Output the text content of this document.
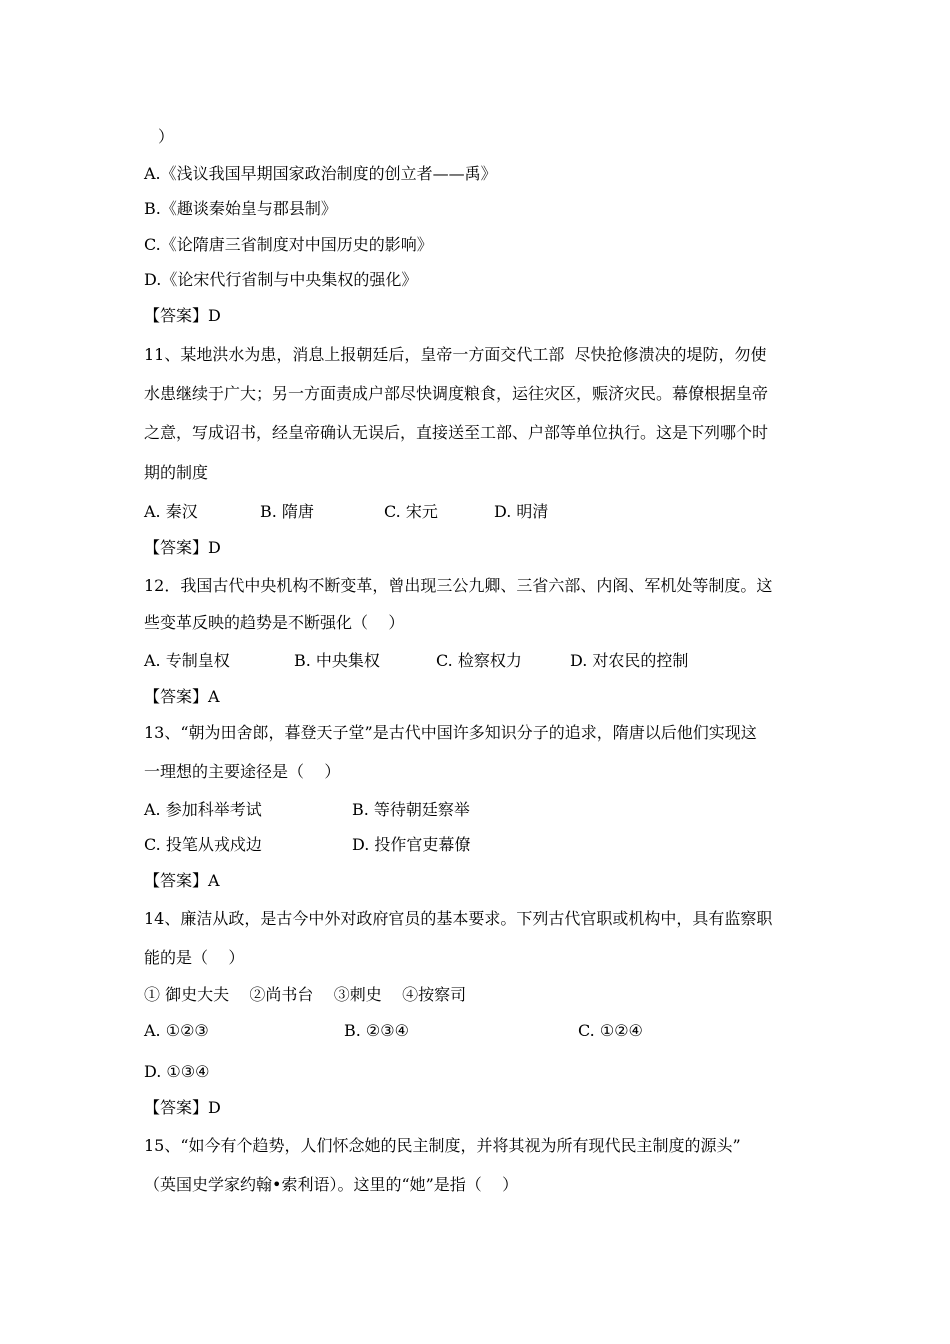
）
A.《浅议我国早期国家政治制度的创立者——禹》
B.《趣谈秦始皇与郡县制》
C.《论隋唐三省制度对中国历史的影响》
D.《论宋代行省制与中央集权的强化》
【答案】D
11、某地洪水为患，消息上报朝廷后，皇帝一方面交代工部  尽快抢修溃决的堤防，勿使
水患继续于广大；另一方面责成户部尽快调度粮食，运往灾区，赈济灾民。幕僚根据皇帝
之意，写成诏书，经皇帝确认无误后，直接送至工部、户部等单位执行。这是下列哪个时
期的制度
A. 秦汉	B. 隋唐	C. 宋元	D. 明清
【答案】D
12．我国古代中央机构不断变革，曾出现三公九卿、三省六部、内阁、军机处等制度。这
些变革反映的趋势是不断强化（    ）
A. 专制皇权	B. 中央集权	C. 检察权力	D. 对农民的控制
【答案】A
13、“朝为田舍郎，暮登天子堂”是古代中国许多知识分子的追求，隋唐以后他们实现这
一理想的主要途径是（    ）
A. 参加科举考试	B. 等待朝廷察举
C. 投笔从戎戍边	D. 投作官吏幕僚
【答案】A
14、廉洁从政，是古今中外对政府官员的基本要求。下列古代官职或机构中，具有监察职
能的是（    ）
① 御史大夫    ②尚书台    ③刺史    ④按察司
A. ①②③	B. ②③④	C. ①②④
D. ①③④
【答案】D
15、“如今有个趋势，人们怀念她的民主制度，并将其视为所有现代民主制度的源头”
（英国史学家约翰•索利语）。这里的“她”是指（    ）
